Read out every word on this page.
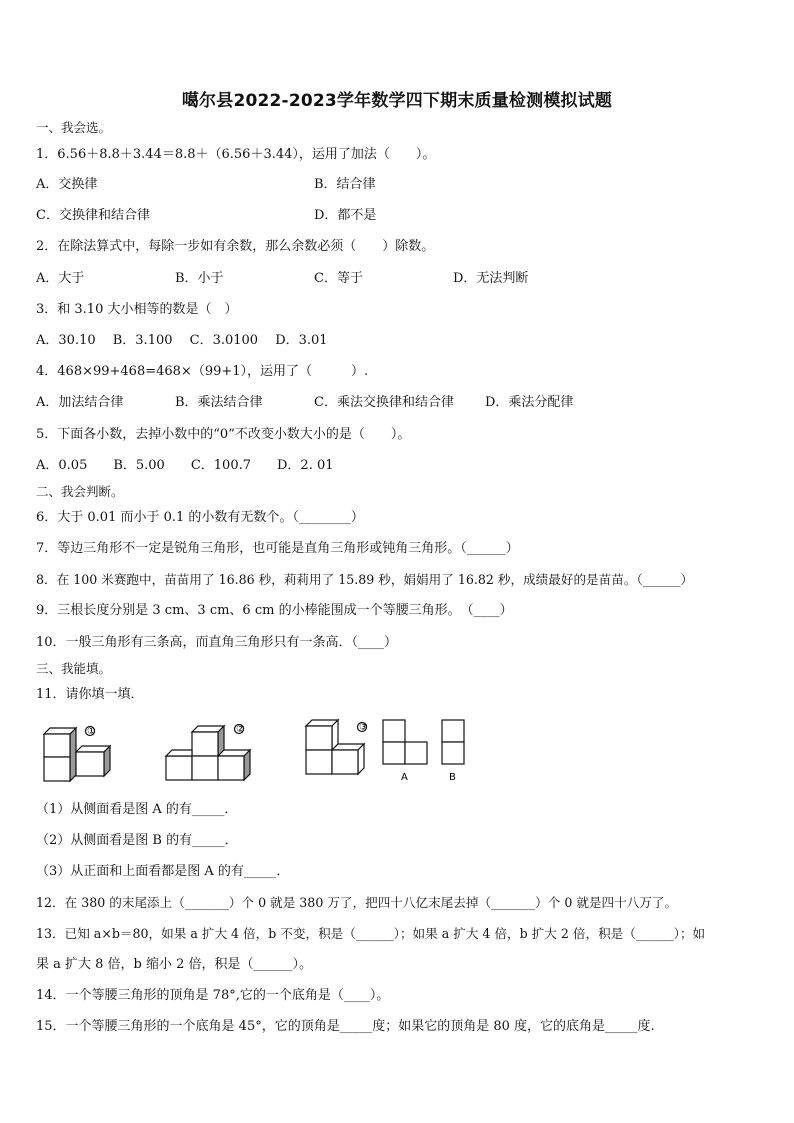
噶尔县2022-2023学年数学四下期末质量检测模拟试题
一、我会选。
1．6.56＋8.8＋3.44＝8.8＋（6.56＋3.44），运用了加法（　　）。
A．交换律	B．结合律
C．交换律和结合律	D．都不是
2．在除法算式中，每除一步如有余数，那么余数必须（　　）除数。
A．大于	B．小于	C．等于	D．无法判断
3．和 3.10 大小相等的数是（　）
A．30.10　 B．3.100　 C．3.0100　 D．3.01
4．468×99+468=468×（99+1），运用了（　　　）.
A．加法结合律	B．乘法结合律	C．乘法交换律和结合律 D．乘法分配律
5．下面各小数，去掉小数中的“0”不改变小数大小的是（　　）。
A．0.05　　B．5.00　　C．100.7　　D．2. 01
二、我会判断。
6．大于 0.01 而小于 0.1 的小数有无数个。（________）
7．等边三角形不一定是锐角三角形，也可能是直角三角形或钝角三角形。（______）
8．在 100 米赛跑中，苗苗用了 16.86 秒，莉莉用了 15.89 秒，娟娟用了 16.82 秒，成绩最好的是苗苗。（______）
9．三根长度分别是 3 cm、3 cm、6 cm 的小棒能围成一个等腰三角形。　（____）
10．一般三角形有三条高，而直角三角形只有一条高．（____）
三、我能填。
11．请你填一填．
①	②	③
A	B
（1）从侧面看是图 A 的有_____．
（2）从侧面看是图 B 的有_____．
（3）从正面和上面看都是图 A 的有_____．
12．在 380 的末尾添上（_______）个 0 就是 380 万了，把四十八亿末尾去掉（_______）个 0 就是四十八万了。
13．已知 a×b＝80，如果 a 扩大 4 倍，b 不变，积是（______）；如果 a 扩大 4 倍，b 扩大 2 倍，积是（______）；如
果 a 扩大 8 倍，b 缩小 2 倍，积是（______）。
14．一个等腰三角形的顶角是 78°,它的一个底角是（____）。
15．一个等腰三角形的一个底角是 45°，它的顶角是_____度；如果它的顶角是 80 度，它的底角是_____度.
